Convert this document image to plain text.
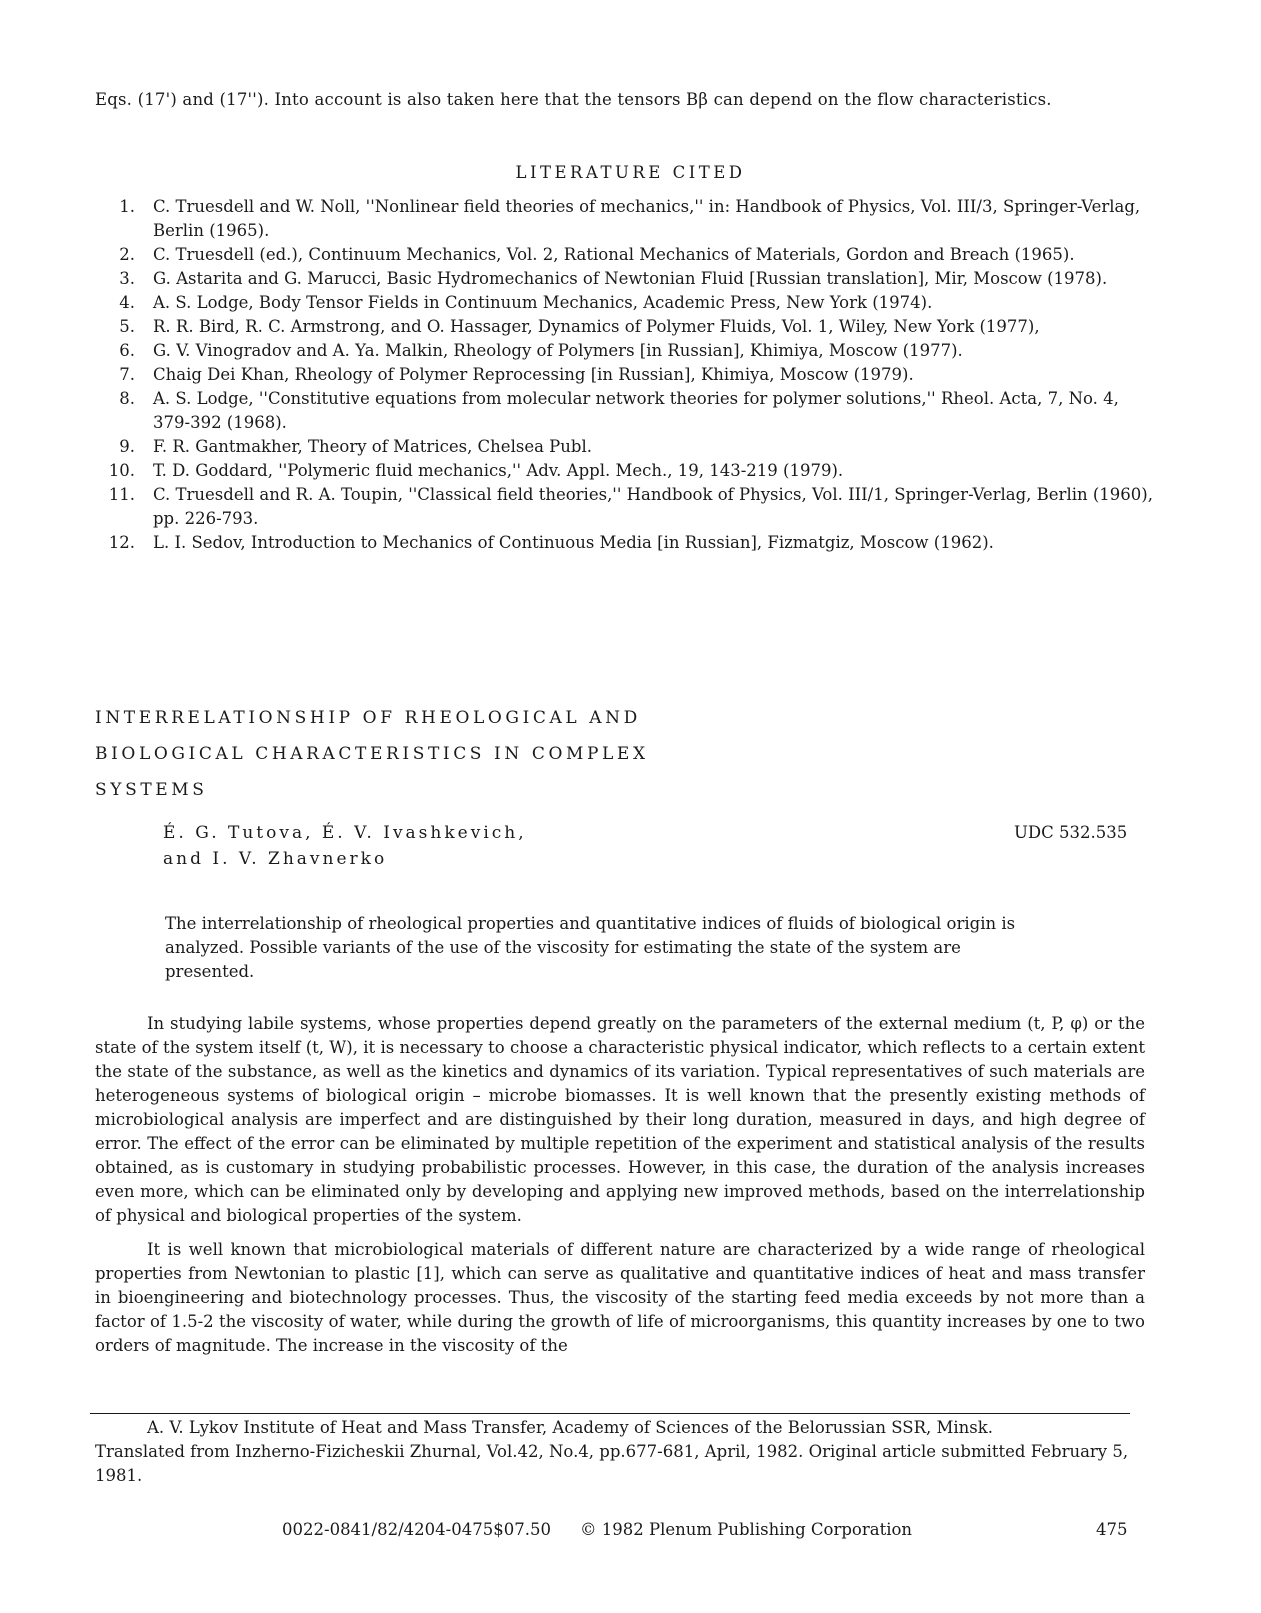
Eqs. (17') and (17''). Into account is also taken here that the tensors Bβ can depend on the flow characteristics.
LITERATURE CITED
1. C. Truesdell and W. Noll, ''Nonlinear field theories of mechanics,'' in: Handbook of Physics, Vol. III/3, Springer-Verlag, Berlin (1965).
2. C. Truesdell (ed.), Continuum Mechanics, Vol. 2, Rational Mechanics of Materials, Gordon and Breach (1965).
3. G. Astarita and G. Marucci, Basic Hydromechanics of Newtonian Fluid [Russian translation], Mir, Moscow (1978).
4. A. S. Lodge, Body Tensor Fields in Continuum Mechanics, Academic Press, New York (1974).
5. R. R. Bird, R. C. Armstrong, and O. Hassager, Dynamics of Polymer Fluids, Vol. 1, Wiley, New York (1977),
6. G. V. Vinogradov and A. Ya. Malkin, Rheology of Polymers [in Russian], Khimiya, Moscow (1977).
7. Chaig Dei Khan, Rheology of Polymer Reprocessing [in Russian], Khimiya, Moscow (1979).
8. A. S. Lodge, ''Constitutive equations from molecular network theories for polymer solutions,'' Rheol. Acta, 7, No. 4, 379-392 (1968).
9. F. R. Gantmakher, Theory of Matrices, Chelsea Publ.
10. T. D. Goddard, ''Polymeric fluid mechanics,'' Adv. Appl. Mech., 19, 143-219 (1979).
11. C. Truesdell and R. A. Toupin, ''Classical field theories,'' Handbook of Physics, Vol. III/1, Springer-Verlag, Berlin (1960), pp. 226-793.
12. L. I. Sedov, Introduction to Mechanics of Continuous Media [in Russian], Fizmatgiz, Moscow (1962).
INTERRELATIONSHIP OF RHEOLOGICAL AND
BIOLOGICAL CHARACTERISTICS IN COMPLEX
SYSTEMS
É. G. Tutova, É. V. Ivashkevich,
and I. V. Zhavnerko
UDC 532.535
The interrelationship of rheological properties and quantitative indices of fluids of biological origin is analyzed. Possible variants of the use of the viscosity for estimating the state of the system are presented.

In studying labile systems, whose properties depend greatly on the parameters of the external medium (t, P, φ) or the state of the system itself (t, W), it is necessary to choose a characteristic physical indicator, which reflects to a certain extent the state of the substance, as well as the kinetics and dynamics of its variation. Typical representatives of such materials are heterogeneous systems of biological origin – microbe biomasses. It is well known that the presently existing methods of microbiological analysis are imperfect and are distinguished by their long duration, measured in days, and high degree of error. The effect of the error can be eliminated by multiple repetition of the experiment and statistical analysis of the results obtained, as is customary in studying probabilistic processes. However, in this case, the duration of the analysis increases even more, which can be eliminated only by developing and applying new improved methods, based on the interrelationship of physical and biological properties of the system.

It is well known that microbiological materials of different nature are characterized by a wide range of rheological properties from Newtonian to plastic [1], which can serve as qualitative and quantitative indices of heat and mass transfer in bioengineering and biotechnology processes. Thus, the viscosity of the starting feed media exceeds by not more than a factor of 1.5-2 the viscosity of water, while during the growth of life of microorganisms, this quantity increases by one to two orders of magnitude. The increase in the viscosity of the

A. V. Lykov Institute of Heat and Mass Transfer, Academy of Sciences of the Belorussian SSR, Minsk.
Translated from Inzherno-Fizicheskii Zhurnal, Vol.42, No.4, pp.677-681, April, 1982. Original article submitted February 5, 1981.
0022-0841/82/4204-0475$07.50 © 1982 Plenum Publishing Corporation	475
